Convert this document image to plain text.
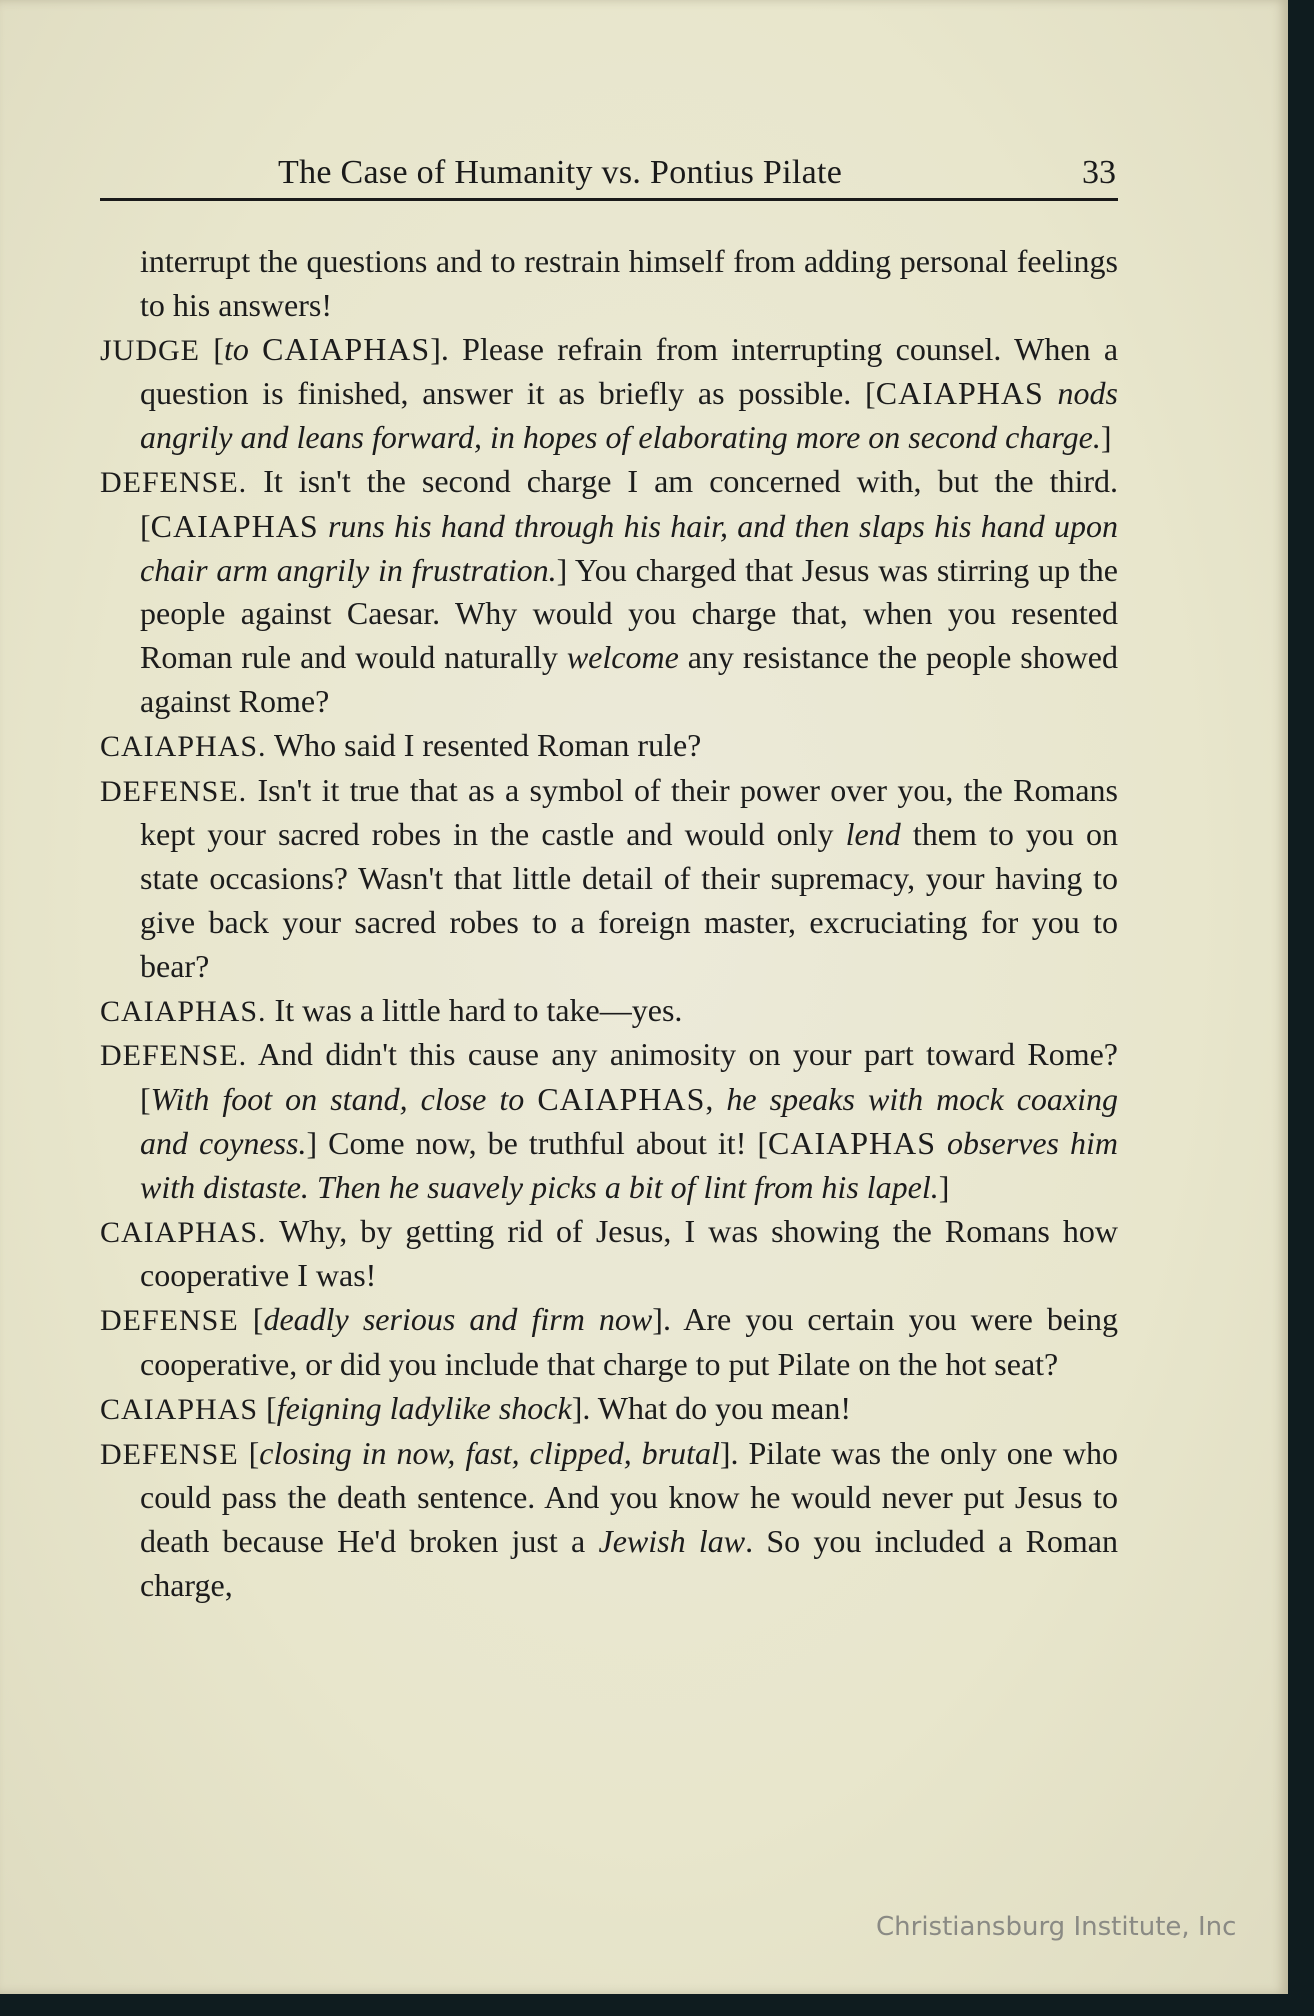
The Case of Humanity vs. Pontius Pilate	33

interrupt the questions and to restrain himself from adding personal feelings to his answers!

JUDGE [to CAIAPHAS]. Please refrain from interrupting counsel. When a question is finished, answer it as briefly as possible. [CAIAPHAS nods angrily and leans forward, in hopes of elaborating more on second charge.]

DEFENSE. It isn't the second charge I am concerned with, but the third. [CAIAPHAS runs his hand through his hair, and then slaps his hand upon chair arm angrily in frustration.] You charged that Jesus was stirring up the people against Caesar. Why would you charge that, when you resented Roman rule and would naturally welcome any resistance the people showed against Rome?

CAIAPHAS. Who said I resented Roman rule?

DEFENSE. Isn't it true that as a symbol of their power over you, the Romans kept your sacred robes in the castle and would only lend them to you on state occasions? Wasn't that little detail of their supremacy, your having to give back your sacred robes to a foreign master, excruciating for you to bear?

CAIAPHAS. It was a little hard to take—yes.

DEFENSE. And didn't this cause any animosity on your part toward Rome? [With foot on stand, close to CAIAPHAS, he speaks with mock coaxing and coyness.] Come now, be truthful about it! [CAIAPHAS observes him with distaste. Then he suavely picks a bit of lint from his lapel.]

CAIAPHAS. Why, by getting rid of Jesus, I was showing the Romans how cooperative I was!

DEFENSE [deadly serious and firm now]. Are you certain you were being cooperative, or did you include that charge to put Pilate on the hot seat?

CAIAPHAS [feigning ladylike shock]. What do you mean!

DEFENSE [closing in now, fast, clipped, brutal]. Pilate was the only one who could pass the death sentence. And you know he would never put Jesus to death because He'd broken just a Jewish law. So you included a Roman charge,

Christiansburg Institute, Inc
